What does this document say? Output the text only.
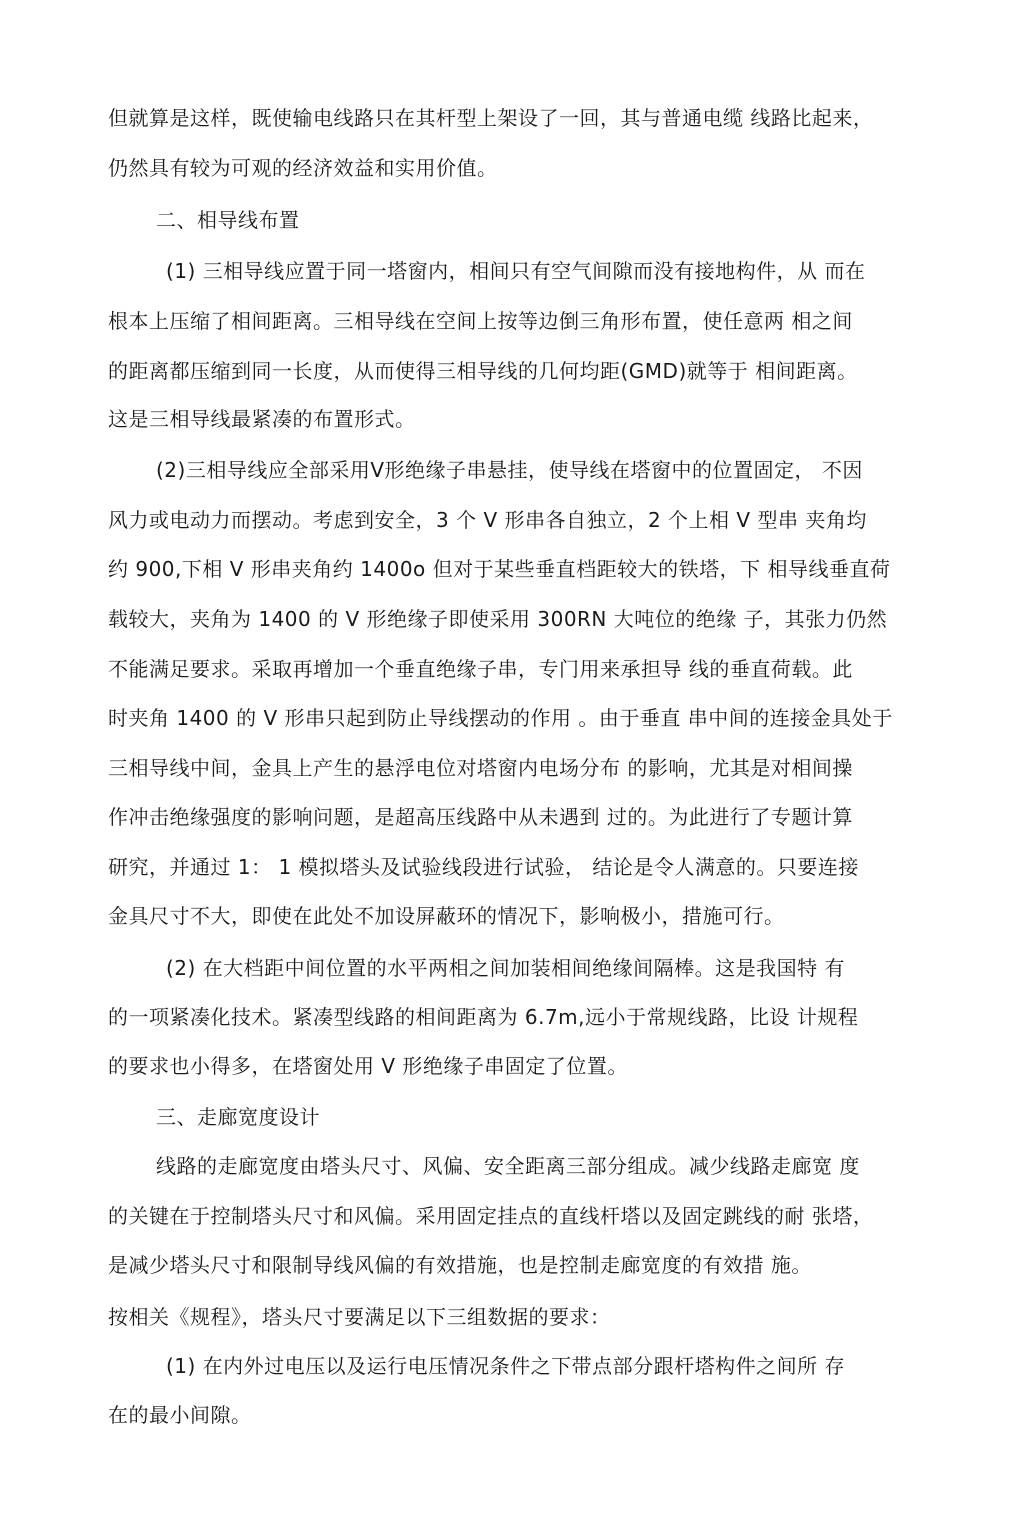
但就算是这样，既使输电线路只在其杆型上架设了一回，其与普通电缆 线路比起来，
仍然具有较为可观的经济效益和实用价值。
二、相导线布置
(1) 三相导线应置于同一塔窗内，相间只有空气间隙而没有接地构件，从 而在
根本上压缩了相间距离。三相导线在空间上按等边倒三角形布置，使任意两 相之间
的距离都压缩到同一长度，从而使得三相导线的几何均距(GMD)就等于 相间距离。
这是三相导线最紧凑的布置形式。
(2)三相导线应全部采用V形绝缘子串悬挂，使导线在塔窗中的位置固定， 不因
风力或电动力而摆动。考虑到安全，3 个 V 形串各自独立，2 个上相 V 型串 夹角均
约 900,下相 V 形串夹角约 1400o 但对于某些垂直档距较大的铁塔，下 相导线垂直荷
载较大，夹角为 1400 的 V 形绝缘子即使采用 300RN 大吨位的绝缘 子，其张力仍然
不能满足要求。采取再增加一个垂直绝缘子串，专门用来承担导 线的垂直荷载。此
时夹角 1400 的 V 形串只起到防止导线摆动的作用 。由于垂直 串中间的连接金具处于
三相导线中间，金具上产生的悬浮电位对塔窗内电场分布 的影响，尤其是对相间操
作冲击绝缘强度的影响问题，是超高压线路中从未遇到 过的。为此进行了专题计算
研究，并通过 1： 1 模拟塔头及试验线段进行试验， 结论是令人满意的。只要连接
金具尺寸不大，即使在此处不加设屏蔽环的情况下，影响极小，措施可行。
(2) 在大档距中间位置的水平两相之间加装相间绝缘间隔棒。这是我国特 有
的一项紧凑化技术。紧凑型线路的相间距离为 6.7m,远小于常规线路，比设 计规程
的要求也小得多，在塔窗处用 V 形绝缘子串固定了位置。
三、走廊宽度设计
线路的走廊宽度由塔头尺寸、风偏、安全距离三部分组成。减少线路走廊宽 度
的关键在于控制塔头尺寸和风偏。采用固定挂点的直线杆塔以及固定跳线的耐 张塔，
是减少塔头尺寸和限制导线风偏的有效措施，也是控制走廊宽度的有效措 施。
按相关《规程》，塔头尺寸要满足以下三组数据的要求：
(1) 在内外过电压以及运行电压情况条件之下带点部分跟杆塔构件之间所 存
在的最小间隙。
